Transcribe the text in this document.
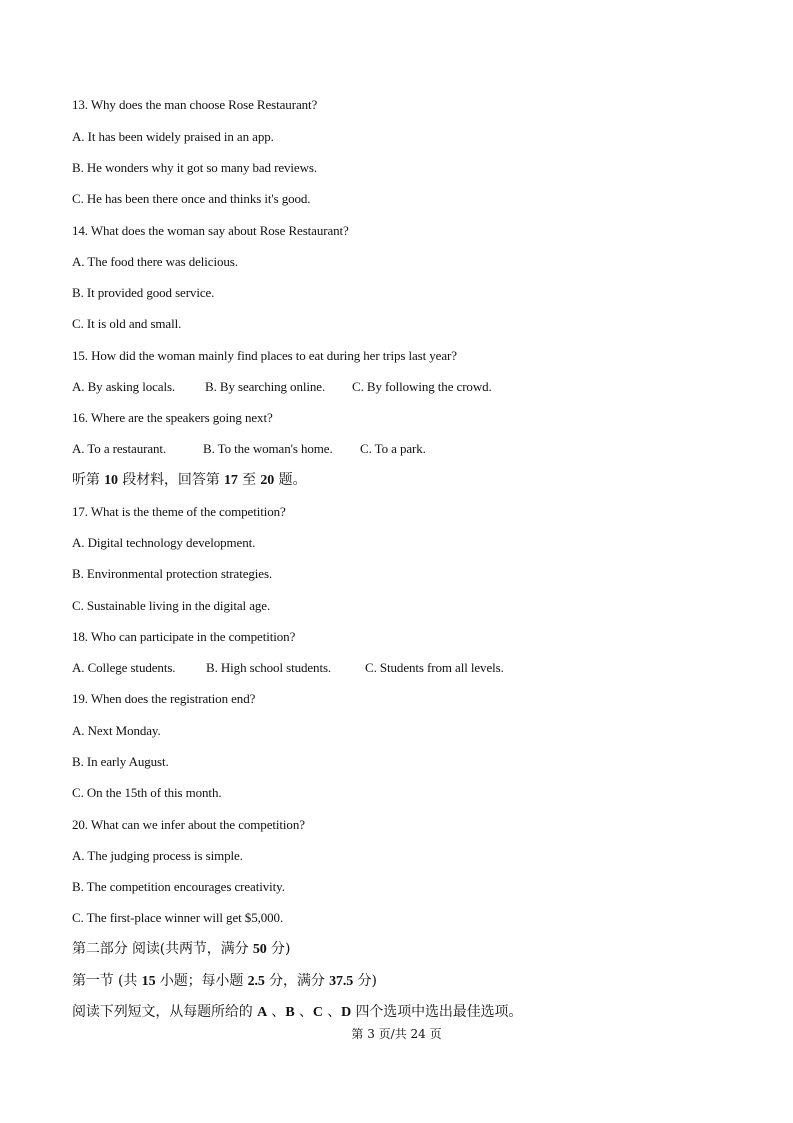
13. Why does the man choose Rose Restaurant?
A. It has been widely praised in an app.
B. He wonders why it got so many bad reviews.
C. He has been there once and thinks it's good.
14. What does the woman say about Rose Restaurant?
A. The food there was delicious.
B. It provided good service.
C. It is old and small.
15. How did the woman mainly find places to eat during her trips last year?
A. By asking locals.	B. By searching online.	C. By following the crowd.
16. Where are the speakers going next?
A. To a restaurant.	B. To the woman's home.	C. To a park.
听第 10 段材料，回答第 17 至 20 题。
17. What is the theme of the competition?
A. Digital technology development.
B. Environmental protection strategies.
C. Sustainable living in the digital age.
18. Who can participate in the competition?
A. College students.	B. High school students.	C. Students from all levels.
19. When does the registration end?
A. Next Monday.
B. In early August.
C. On the 15th of this month.
20. What can we infer about the competition?
A. The judging process is simple.
B. The competition encourages creativity.
C. The first-place winner will get $5,000.
第二部分 阅读(共两节，满分 50 分)
第一节 (共 15 小题；每小题 2.5 分，满分 37.5 分)
阅读下列短文，从每题所给的 A 、B 、C 、D 四个选项中选出最佳选项。
第 3 页/共 24 页
